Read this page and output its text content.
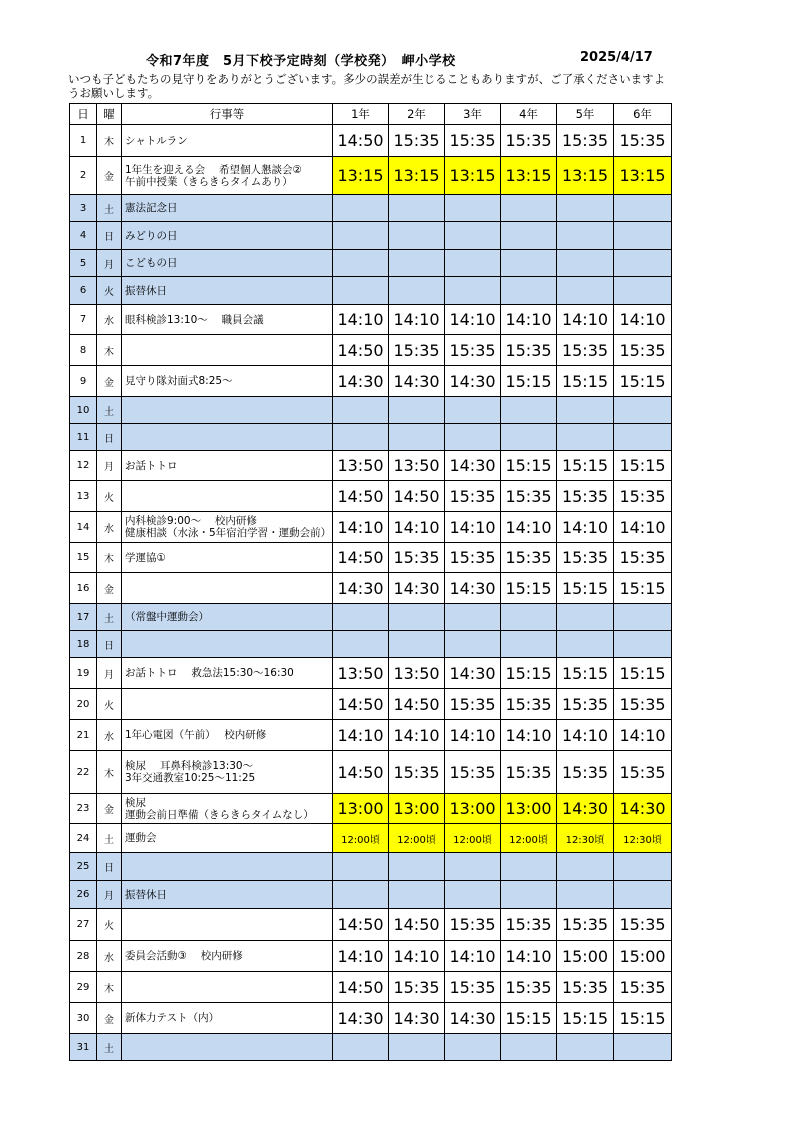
令和7年度　5月下校予定時刻（学校発）　岬小学校	2025/4/17
いつも子どもたちの見守りをありがとうございます。多少の誤差が生じることもありますが、ご了承くださいますようお願いします。
日	曜	行事等	1年	2年	3年	4年	5年	6年
1	木	シャトルラン	14:50	15:35	15:35	15:35	15:35	15:35
2	金	1年生を迎える会　 希望個人懇談会②
午前中授業（きらきらタイムあり）	13:15	13:15	13:15	13:15	13:15	13:15
3	土	憲法記念日						

4	日	みどりの日						

5	月	こどもの日						

6	火	振替休日						

7	水	眼科検診13:10～　 職員会議	14:10	14:10	14:10	14:10	14:10	14:10
8	木		14:50	15:35	15:35	15:35	15:35	15:35
9	金	見守り隊対面式8:25～	14:30	14:30	14:30	15:15	15:15	15:15
10	土	

11	日	

12	月	お話トトロ	13:50	13:50	14:30	15:15	15:15	15:15
13	火		14:50	14:50	15:35	15:35	15:35	15:35
14	水	内科検診9:00～　 校内研修
健康相談（水泳・5年宿泊学習・運動会前）	14:10	14:10	14:10	14:10	14:10	14:10
15	木	学運協①	14:50	15:35	15:35	15:35	15:35	15:35
16	金		14:30	14:30	14:30	15:15	15:15	15:15
17	土	（常盤中運動会）						

18	日	

19	月	お話トトロ　 救急法15:30～16:30	13:50	13:50	14:30	15:15	15:15	15:15
20	火		14:50	14:50	15:35	15:35	15:35	15:35
21	水	1年心電図（午前）　 校内研修	14:10	14:10	14:10	14:10	14:10	14:10
22	木	検尿　 耳鼻科検診13:30～
3年交通教室10:25～11:25	14:50	15:35	15:35	15:35	15:35	15:35
23	金	検尿
運動会前日準備（きらきらタイムなし）	13:00	13:00	13:00	13:00	14:30	14:30
24	土	運動会	12:00頃	12:00頃	12:00頃	12:00頃	12:30頃	12:30頃
25	日	

26	月	振替休日						

27	火		14:50	14:50	15:35	15:35	15:35	15:35
28	水	委員会活動③　 校内研修	14:10	14:10	14:10	14:10	15:00	15:00
29	木		14:50	15:35	15:35	15:35	15:35	15:35
30	金	新体力テスト（内）	14:30	14:30	14:30	15:15	15:15	15:15
31	土	
